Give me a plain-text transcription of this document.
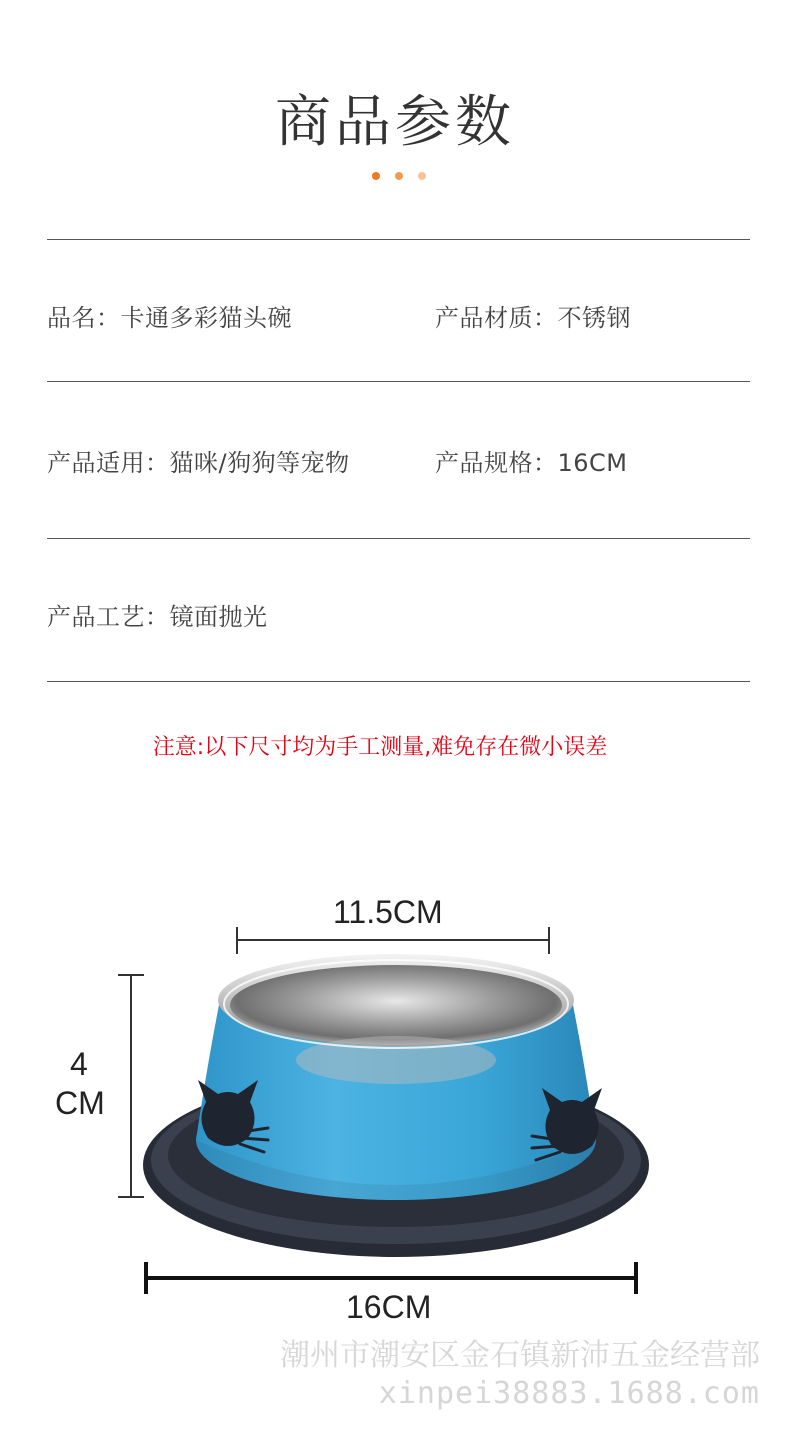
商品参数
品名：卡通多彩猫头碗	产品材质：不锈钢
产品适用：猫咪/狗狗等宠物	产品规格：16CM
产品工艺：镜面抛光
注意:以下尺寸均为手工测量,难免存在微小误差
11.5CM
4
CM
16CM
潮州市潮安区金石镇新沛五金经营部
xinpei38883.1688.com
